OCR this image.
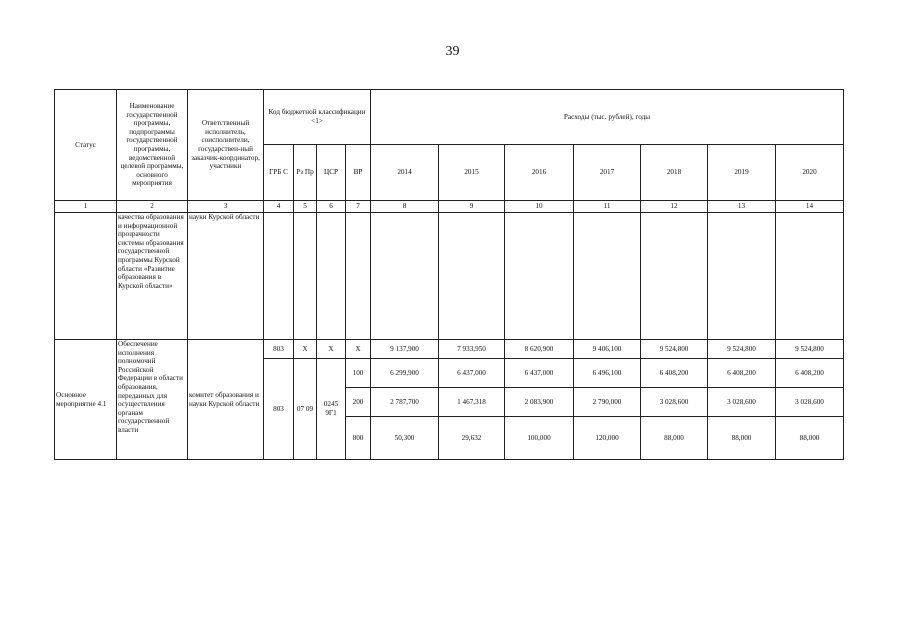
39
Статус	Наименование государственной программы, подпрограммы государственной программы, ведомственной целевой программы, основного мероприятия	Ответственный исполнитель, соисполнители, государствен-ный заказчик-координатор, участники	Код бюджетной классификации <1>				Расходы (тыс. рублей), годы						
			ГРБ С	Рз Пр	ЦСР	ВР	2014	2015	2016	2017	2018	2019	2020
1	2	3	4	5	6	7	8	9	10	11	12	13	14
	качества образования и информационной прозрачности системы образования государственной программы Курской области «Развитие образования в Курской области»	науки Курской области											
Основное мероприятие 4.1	Обеспечение исполнения полномочий Российской Федерации в области образования, переданных для осуществления органам государственной власти	комитет образования и науки Курской области	803	X	X	X	9 137,900	7 933,950	8 620,900	9 406,100	9 524,800	9 524,800	9 524,800
			803	07 09	0245 9Г1	100	6 299,900	6 437,000	6 437,000	6 496,100	6 408,200	6 408,200	6 408,200
						200	2 787,700	1 467,318	2 083,900	2 790,000	3 028,600	3 028,600	3 028,600
						800	50,300	29,632	100,000	120,000	88,000	88,000	88,000
